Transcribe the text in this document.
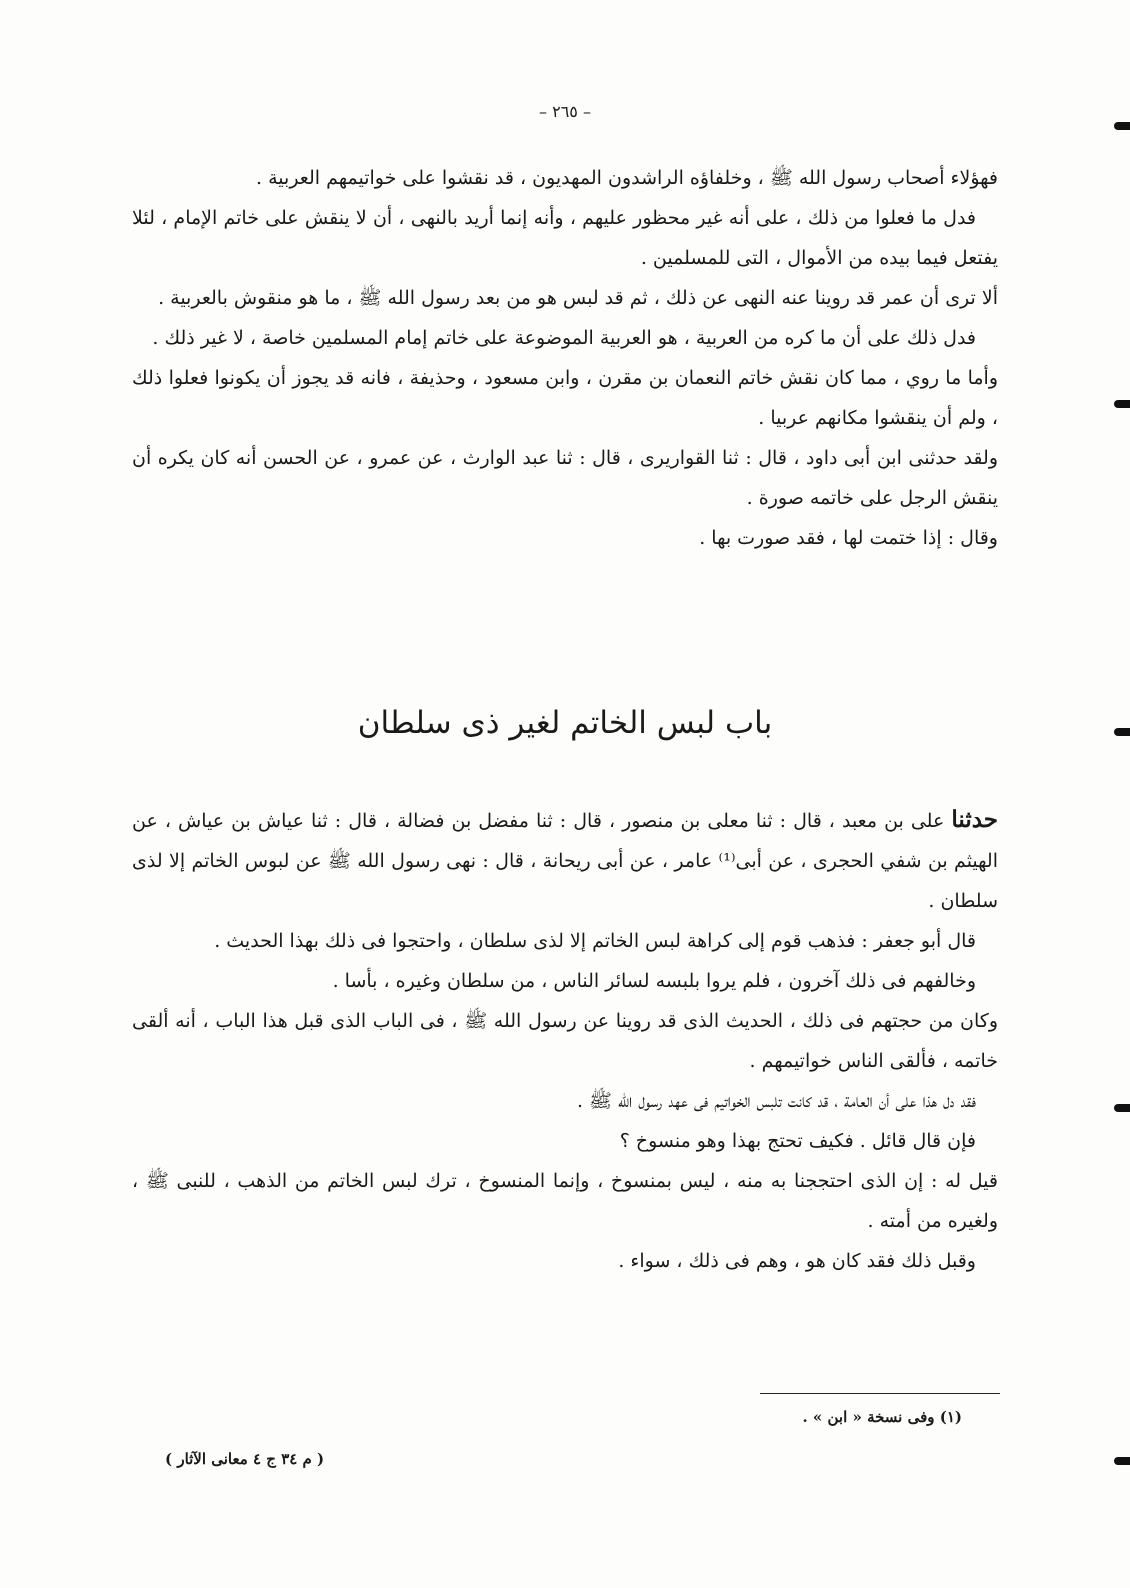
– ٢٦٥ –

فهؤلاء أصحاب رسول الله ﷺ ، وخلفاؤه الراشدون المهديون ، قد نقشوا على خواتيمهم العربية .

فدل ما فعلوا من ذلك ، على أنه غير محظور عليهم ، وأنه إنما أريد بالنهى ، أن لا ينقش على خاتم الإمام ، لئلا يفتعل فيما بيده من الأموال ، التى للمسلمين .

ألا ترى أن عمر قد روينا عنه النهى عن ذلك ، ثم قد لبس هو من بعد رسول الله ﷺ ، ما هو منقوش بالعربية .

فدل ذلك على أن ما كره من العربية ، هو العربية الموضوعة على خاتم إمام المسلمين خاصة ، لا غير ذلك .

وأما ما روي ، مما كان نقش خاتم النعمان بن مقرن ، وابن مسعود ، وحذيفة ، فانه قد يجوز أن يكونوا فعلوا ذلك ، ولم أن ينقشوا مكانهم عربيا .

ولقد حدثنى ابن أبى داود ، قال : ثنا القواريرى ، قال : ثنا عبد الوارث ، عن عمرو ، عن الحسن أنه كان يكره أن ينقش الرجل على خاتمه صورة .

وقال : إذا ختمت لها ، فقد صورت بها .

باب لبس الخاتم لغير ذى سلطان

حدثنا على بن معبد ، قال : ثنا معلى بن منصور ، قال : ثنا مفضل بن فضالة ، قال : ثنا عياش بن عياش ، عن الهيثم بن شفي الحجرى ، عن أبى⁽¹⁾ عامر ، عن أبى ريحانة ، قال : نهى رسول الله ﷺ عن لبوس الخاتم إلا لذى سلطان .

قال أبو جعفر : فذهب قوم إلى كراهة لبس الخاتم إلا لذى سلطان ، واحتجوا فى ذلك بهذا الحديث .

وخالفهم فى ذلك آخرون ، فلم يروا بلبسه لسائر الناس ، من سلطان وغيره ، بأسا .

وكان من حجتهم فى ذلك ، الحديث الذى قد روينا عن رسول الله ﷺ ، فى الباب الذى قبل هذا الباب ، أنه ألقى خاتمه ، فألقى الناس خواتيمهم .

فقد دل هذا على أن العامة ، قد كانت تلبس الخواتيم فى عهد رسول الله ﷺ .

فإن قال قائل . فكيف تحتج بهذا وهو منسوخ ؟

قيل له : إن الذى احتججنا به منه ، ليس بمنسوخ ، وإنما المنسوخ ، ترك لبس الخاتم من الذهب ، للنبى ﷺ ، ولغيره من أمته .

وقبل ذلك فقد كان هو ، وهم فى ذلك ، سواء .

(١) وفى نسخة « ابن » .
( م ٣٤ ج ٤ معانى الآثار )
